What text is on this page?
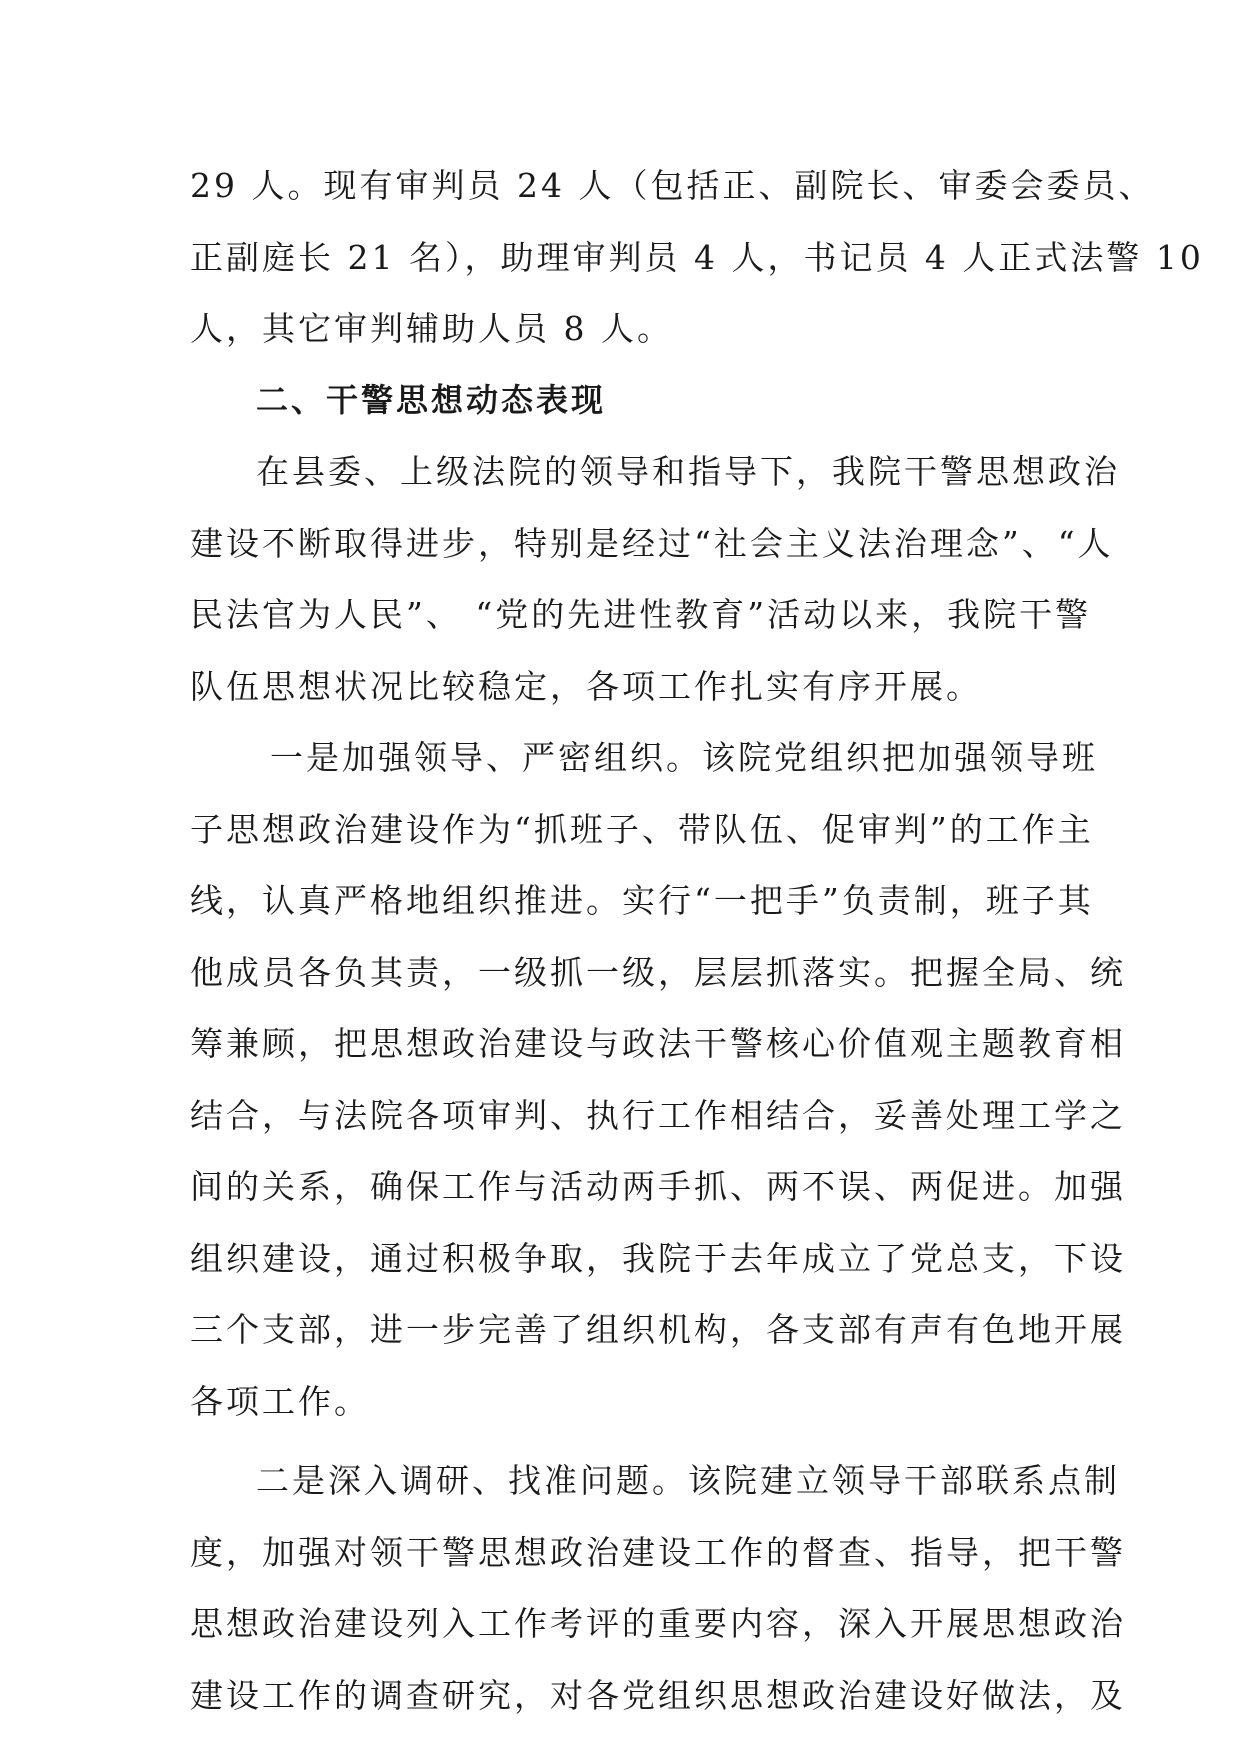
29 人。现有审判员 24 人（包括正、副院长、审委会委员、
正副庭长 21 名），助理审判员 4 人，书记员 4 人正式法警 10
人，其它审判辅助人员 8 人。
二、干警思想动态表现
在县委、上级法院的领导和指导下，我院干警思想政治
建设不断取得进步，特别是经过“社会主义法治理念”、“人
民法官为人民”、 “党的先进性教育”活动以来，我院干警
队伍思想状况比较稳定，各项工作扎实有序开展。
一是加强领导、严密组织。该院党组织把加强领导班
子思想政治建设作为“抓班子、带队伍、促审判”的工作主
线，认真严格地组织推进。实行“一把手”负责制，班子其
他成员各负其责，一级抓一级，层层抓落实。把握全局、统
筹兼顾，把思想政治建设与政法干警核心价值观主题教育相
结合，与法院各项审判、执行工作相结合，妥善处理工学之
间的关系，确保工作与活动两手抓、两不误、两促进。加强
组织建设，通过积极争取，我院于去年成立了党总支，下设
三个支部，进一步完善了组织机构，各支部有声有色地开展
各项工作。
二是深入调研、找准问题。该院建立领导干部联系点制
度，加强对领干警思想政治建设工作的督查、指导，把干警
思想政治建设列入工作考评的重要内容，深入开展思想政治
建设工作的调查研究，对各党组织思想政治建设好做法，及
